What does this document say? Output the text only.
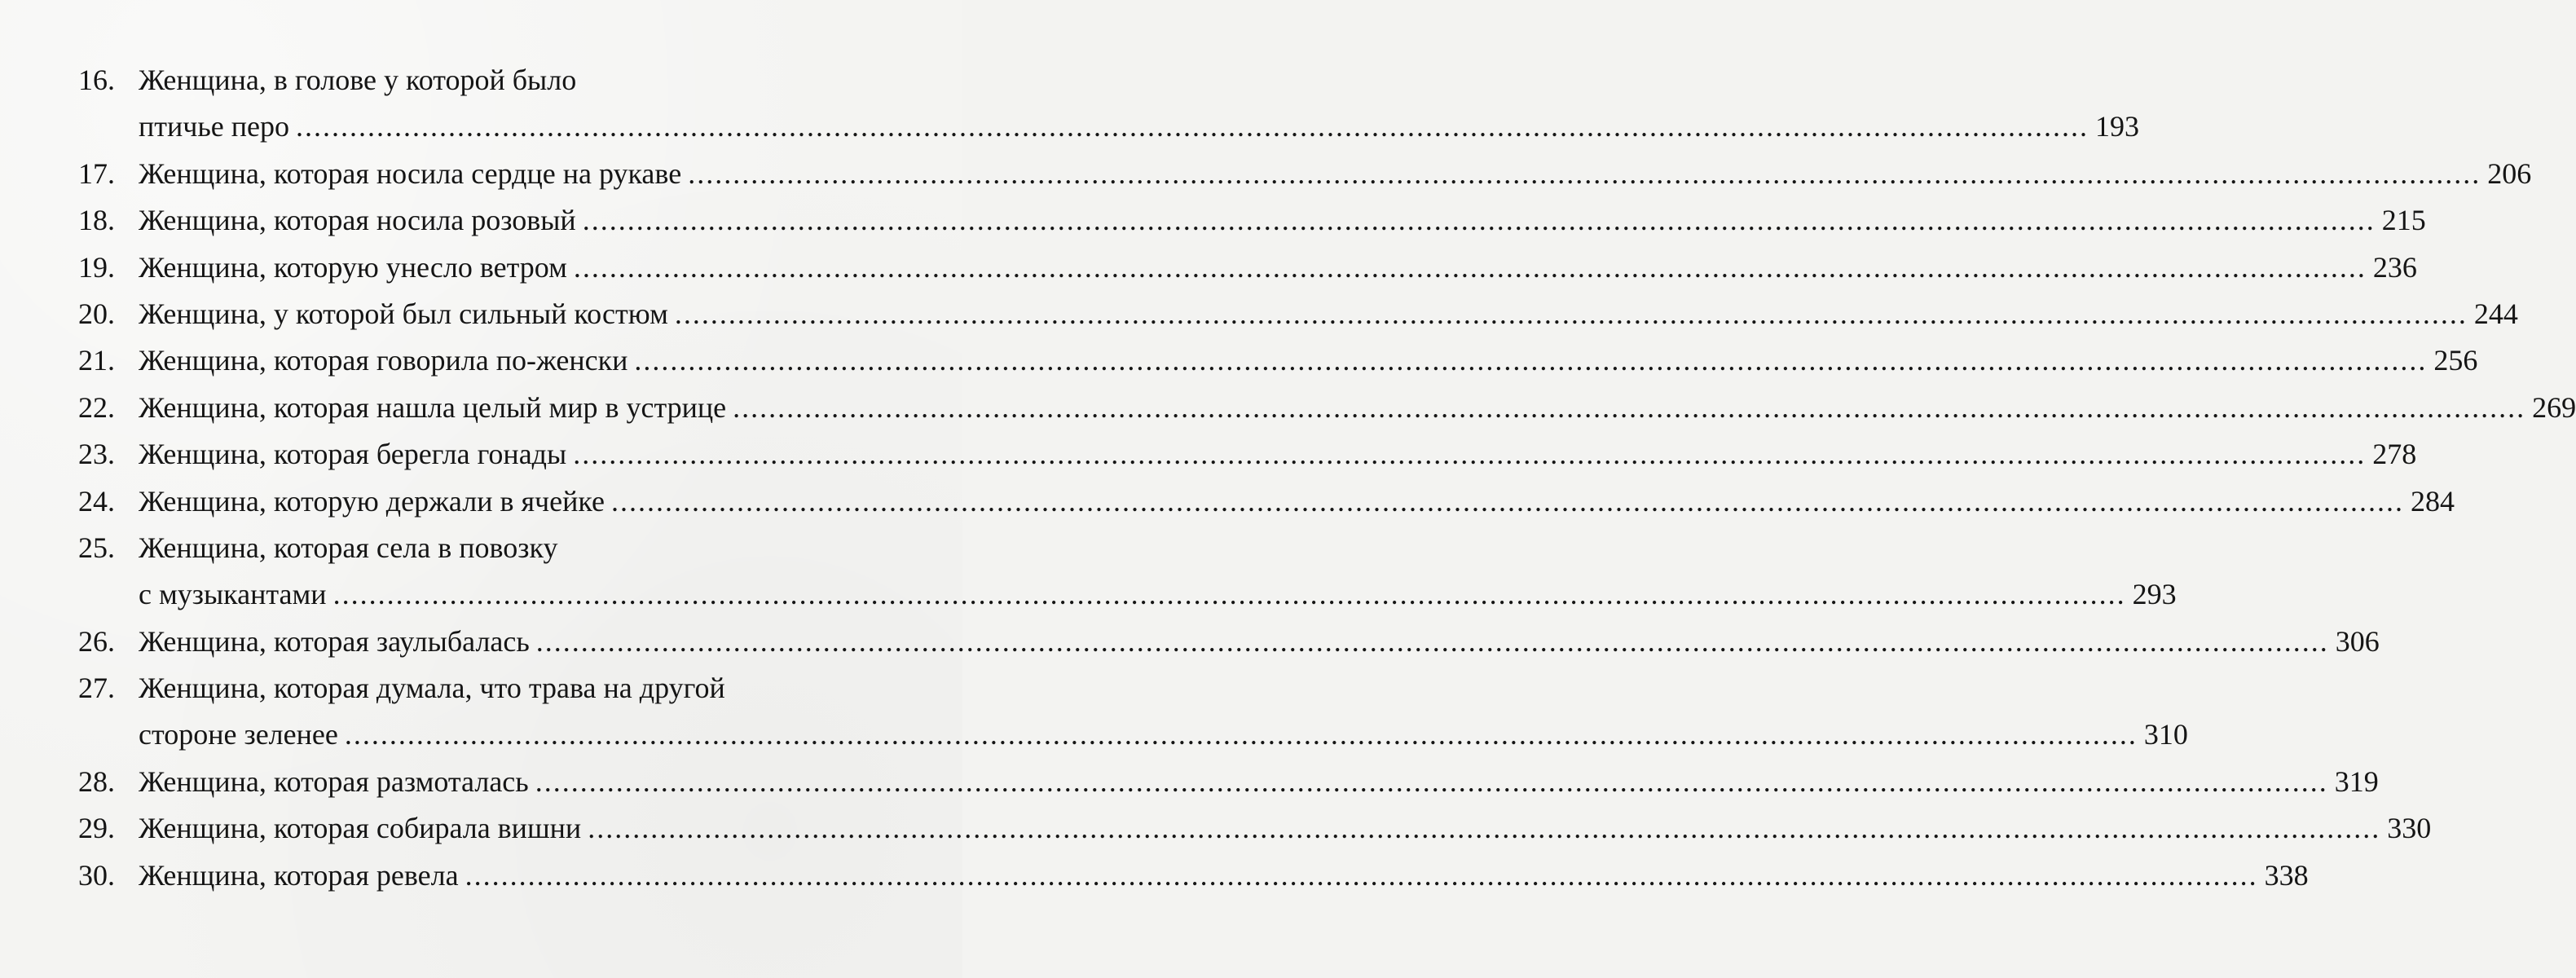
16. Женщина, в голове у которой было
птичье перо ........................................................................................................................................................................................................ 193
17. Женщина, которая носила сердце на рукаве ........................................................................................................................................................................................................ 206
18. Женщина, которая носила розовый ........................................................................................................................................................................................................ 215
19. Женщина, которую унесло ветром ........................................................................................................................................................................................................ 236
20. Женщина, у которой был сильный костюм ........................................................................................................................................................................................................ 244
21. Женщина, которая говорила по-женски ........................................................................................................................................................................................................ 256
22. Женщина, которая нашла целый мир в устрице ........................................................................................................................................................................................................ 269
23. Женщина, которая берегла гонады ........................................................................................................................................................................................................ 278
24. Женщина, которую держали в ячейке ........................................................................................................................................................................................................ 284
25. Женщина, которая села в повозку
с музыкантами ........................................................................................................................................................................................................ 293
26. Женщина, которая заулыбалась ........................................................................................................................................................................................................ 306
27. Женщина, которая думала, что трава на другой
стороне зеленее ........................................................................................................................................................................................................ 310
28. Женщина, которая размоталась ........................................................................................................................................................................................................ 319
29. Женщина, которая собирала вишни ........................................................................................................................................................................................................ 330
30. Женщина, которая ревела ........................................................................................................................................................................................................ 338
